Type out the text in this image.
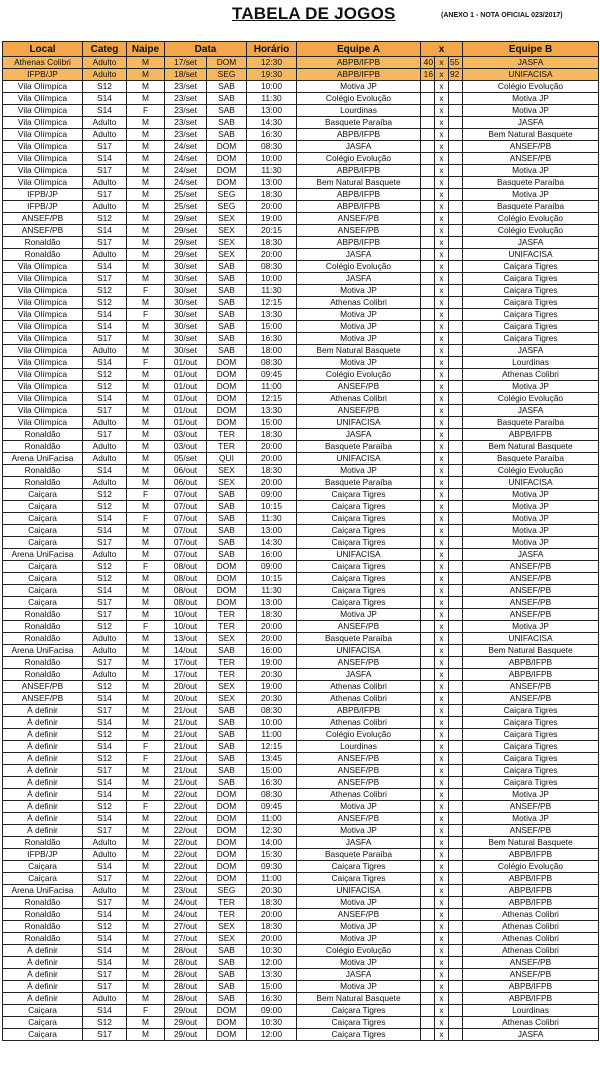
TABELA DE JOGOS	(ANEXO 1 - NOTA OFICIAL 023/2017)
Local	Categ	Naipe	Data		Horário	Equipe A	x			Equipe B
Athenas Colibri	Adulto	M	17/set	DOM	12:30	ABPB/IFPB	40	x	55	JASFA
IFPB/JP	Adulto	M	18/set	SEG	19:30	ABPB/IFPB	16	x	92	UNIFACISA
Vila Olímpica	S12	M	23/set	SAB	10:00	Motiva JP		x		Colégio Evolução
Vila Olímpica	S14	M	23/set	SAB	11:30	Colégio Evolução		x		Motiva JP
Vila Olímpica	S14	F	23/set	SAB	13:00	Lourdinas		x		Motiva JP
Vila Olímpica	Adulto	M	23/set	SAB	14:30	Basquete Paraíba		x		JASFA
Vila Olímpica	Adulto	M	23/set	SAB	16:30	ABPB/IFPB		x		Bem Natural Basquete
Vila Olímpica	S17	M	24/set	DOM	08:30	JASFA		x		ANSEF/PB
Vila Olímpica	S14	M	24/set	DOM	10:00	Colégio Evolução		x		ANSEF/PB
Vila Olímpica	S17	M	24/set	DOM	11:30	ABPB/IFPB		x		Motiva JP
Vila Olímpica	Adulto	M	24/set	DOM	13:00	Bem Natural Basquete		x		Basquete Paraíba
IFPB/JP	S17	M	25/set	SEG	18:30	ABPB/IFPB		x		Motiva JP
IFPB/JP	Adulto	M	25/set	SEG	20:00	ABPB/IFPB		x		Basquete Paraíba
ANSEF/PB	S12	M	29/set	SEX	19:00	ANSEF/PB		x		Colégio Evolução
ANSEF/PB	S14	M	29/set	SEX	20:15	ANSEF/PB		x		Colégio Evolução
Ronaldão	S17	M	29/set	SEX	18:30	ABPB/IFPB		x		JASFA
Ronaldão	Adulto	M	29/set	SEX	20:00	JASFA		x		UNIFACISA
Vila Olímpica	S14	M	30/set	SAB	08:30	Colégio Evolução		x		Caiçara Tigres
Vila Olímpica	S17	M	30/set	SAB	10:00	JASFA		x		Caiçara Tigres
Vila Olímpica	S12	F	30/set	SAB	11:30	Motiva JP		x		Caiçara Tigres
Vila Olímpica	S12	M	30/set	SAB	12:15	Athenas Colibri		x		Caiçara Tigres
Vila Olímpica	S14	F	30/set	SAB	13:30	Motiva JP		x		Caiçara Tigres
Vila Olímpica	S14	M	30/set	SAB	15:00	Motiva JP		x		Caiçara Tigres
Vila Olímpica	S17	M	30/set	SAB	16:30	Motiva JP		x		Caiçara Tigres
Vila Olímpica	Adulto	M	30/set	SAB	18:00	Bem Natural Basquete		x		JASFA
Vila Olímpica	S14	F	01/out	DOM	08:30	Motiva JP		x		Lourdinas
Vila Olímpica	S12	M	01/out	DOM	09:45	Colégio Evolução		x		Athenas Colibri
Vila Olímpica	S12	M	01/out	DOM	11:00	ANSEF/PB		x		Motiva JP
Vila Olímpica	S14	M	01/out	DOM	12:15	Athenas Colibri		x		Colégio Evolução
Vila Olímpica	S17	M	01/out	DOM	13:30	ANSEF/PB		x		JASFA
Vila Olímpica	Adulto	M	01/out	DOM	15:00	UNIFACISA		x		Basquete Paraíba
Ronaldão	S17	M	03/out	TER	18:30	JASFA		x		ABPB/IFPB
Ronaldão	Adulto	M	03/out	TER	20:00	Basquete Paraíba		x		Bem Natural Basquete
Arena UniFacisa	Adulto	M	05/set	QUI	20:00	UNIFACISA		x		Basquete Paraíba
Ronaldão	S14	M	06/out	SEX	18:30	Motiva JP		x		Colégio Evolução
Ronaldão	Adulto	M	06/out	SEX	20:00	Basquete Paraíba		x		UNIFACISA
Caiçara	S12	F	07/out	SAB	09:00	Caiçara Tigres		x		Motiva JP
Caiçara	S12	M	07/out	SAB	10:15	Caiçara Tigres		x		Motiva JP
Caiçara	S14	F	07/out	SAB	11:30	Caiçara Tigres		x		Motiva JP
Caiçara	S14	M	07/out	SAB	13:00	Caiçara Tigres		x		Motiva JP
Caiçara	S17	M	07/out	SAB	14:30	Caiçara Tigres		x		Motiva JP
Arena UniFacisa	Adulto	M	07/out	SAB	16:00	UNIFACISA		x		JASFA
Caiçara	S12	F	08/out	DOM	09:00	Caiçara Tigres		x		ANSEF/PB
Caiçara	S12	M	08/out	DOM	10:15	Caiçara Tigres		x		ANSEF/PB
Caiçara	S14	M	08/out	DOM	11:30	Caiçara Tigres		x		ANSEF/PB
Caiçara	S17	M	08/out	DOM	13:00	Caiçara Tigres		x		ANSEF/PB
Ronaldão	S17	M	10/out	TER	18:30	Motiva JP		x		ANSEF/PB
Ronaldão	S12	F	10/out	TER	20:00	ANSEF/PB		x		Motiva JP
Ronaldão	Adulto	M	13/out	SEX	20:00	Basquete Paraíba		x		UNIFACISA
Arena UniFacisa	Adulto	M	14/out	SAB	16:00	UNIFACISA		x		Bem Natural Basquete
Ronaldão	S17	M	17/out	TER	19:00	ANSEF/PB		x		ABPB/IFPB
Ronaldão	Adulto	M	17/out	TER	20:30	JASFA		x		ABPB/IFPB
ANSEF/PB	S12	M	20/out	SEX	19:00	Athenas Colibri		x		ANSEF/PB
ANSEF/PB	S14	M	20/out	SEX	20:30	Athenas Colibri		x		ANSEF/PB
À definir	S17	M	21/out	SAB	08:30	ABPB/IFPB		x		Caiçara Tigres
À definir	S14	M	21/out	SAB	10:00	Athenas Colibri		x		Caiçara Tigres
À definir	S12	M	21/out	SAB	11:00	Colégio Evolução		x		Caiçara Tigres
À definir	S14	F	21/out	SAB	12:15	Lourdinas		x		Caiçara Tigres
À definir	S12	F	21/out	SAB	13:45	ANSEF/PB		x		Caiçara Tigres
À definir	S17	M	21/out	SAB	15:00	ANSEF/PB		x		Caiçara Tigres
À definir	S14	M	21/out	SAB	16:30	ANSEF/PB		x		Caiçara Tigres
À definir	S14	M	22/out	DOM	08:30	Athenas Colibri		x		Motiva JP
À definir	S12	F	22/out	DOM	09:45	Motiva JP		x		ANSEF/PB
À definir	S14	M	22/out	DOM	11:00	ANSEF/PB		x		Motiva JP
À definir	S17	M	22/out	DOM	12:30	Motiva JP		x		ANSEF/PB
Ronaldão	Adulto	M	22/out	DOM	14:00	JASFA		x		Bem Natural Basquete
IFPB/JP	Adulto	M	22/out	DOM	15:30	Basquete Paraíba		x		ABPB/IFPB
Caiçara	S14	M	22/out	DOM	09:30	Caiçara Tigres		x		Colégio Evolução
Caiçara	S17	M	22/out	DOM	11:00	Caiçara Tigres		x		ABPB/IFPB
Arena UniFacisa	Adulto	M	23/out	SEG	20:30	UNIFACISA		x		ABPB/IFPB
Ronaldão	S17	M	24/out	TER	18:30	Motiva JP		x		ABPB/IFPB
Ronaldão	S14	M	24/out	TER	20:00	ANSEF/PB		x		Athenas Colibri
Ronaldão	S12	M	27/out	SEX	18:30	Motiva JP		x		Athenas Colibri
Ronaldão	S14	M	27/out	SEX	20:00	Motiva JP		x		Athenas Colibri
À definir	S14	M	28/out	SAB	10:30	Colégio Evolução		x		Athenas Colibri
À definir	S14	M	28/out	SAB	12:00	Motiva JP		x		ANSEF/PB
À definir	S17	M	28/out	SAB	13:30	JASFA		x		ANSEF/PB
À definir	S17	M	28/out	SAB	15:00	Motiva JP		x		ABPB/IFPB
À definir	Adulto	M	28/out	SAB	16:30	Bem Natural Basquete		x		ABPB/IFPB
Caiçara	S14	F	29/out	DOM	09:00	Caiçara Tigres		x		Lourdinas
Caiçara	S12	M	29/out	DOM	10:30	Caiçara Tigres		x		Athenas Colibri
Caiçara	S17	M	29/out	DOM	12:00	Caiçara Tigres		x		JASFA
